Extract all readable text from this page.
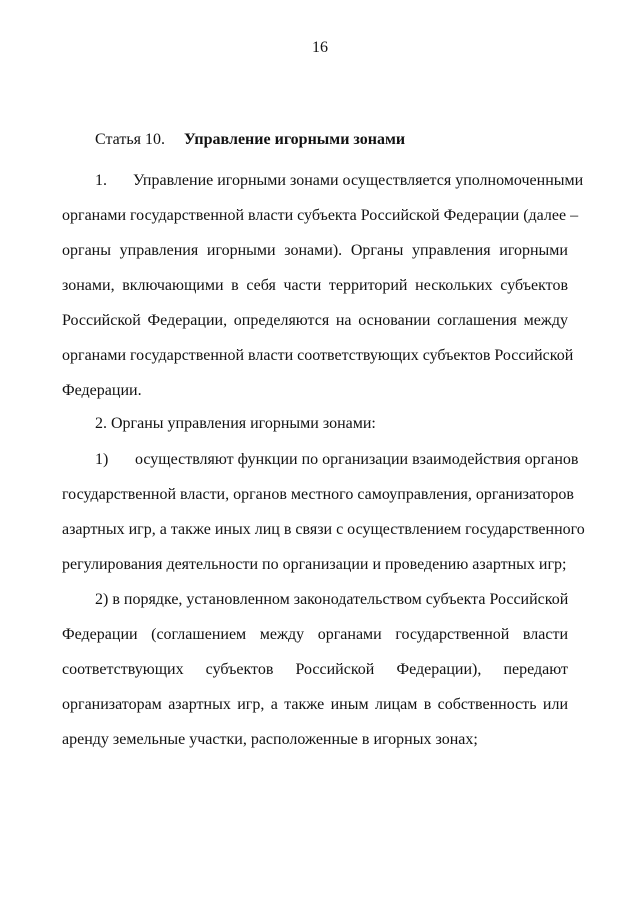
16
Статья 10. Управление игорными зонами
1. Управление игорными зонами осуществляется уполномоченными
органами государственной власти субъекта Российской Федерации (далее –
органы управления игорными зонами). Органы управления игорными
зонами, включающими в себя части территорий нескольких субъектов
Российской Федерации, определяются на основании соглашения между
органами государственной власти соответствующих субъектов Российской
Федерации.
2. Органы управления игорными зонами:
1) осуществляют функции по организации взаимодействия органов
государственной власти, органов местного самоуправления, организаторов
азартных игр, а также иных лиц в связи с осуществлением государственного
регулирования деятельности по организации и проведению азартных игр;
2) в порядке, установленном законодательством субъекта Российской
Федерации (соглашением между органами государственной власти
соответствующих субъектов Российской Федерации), передают
организаторам азартных игр, а также иным лицам в собственность или
аренду земельные участки, расположенные в игорных зонах;
